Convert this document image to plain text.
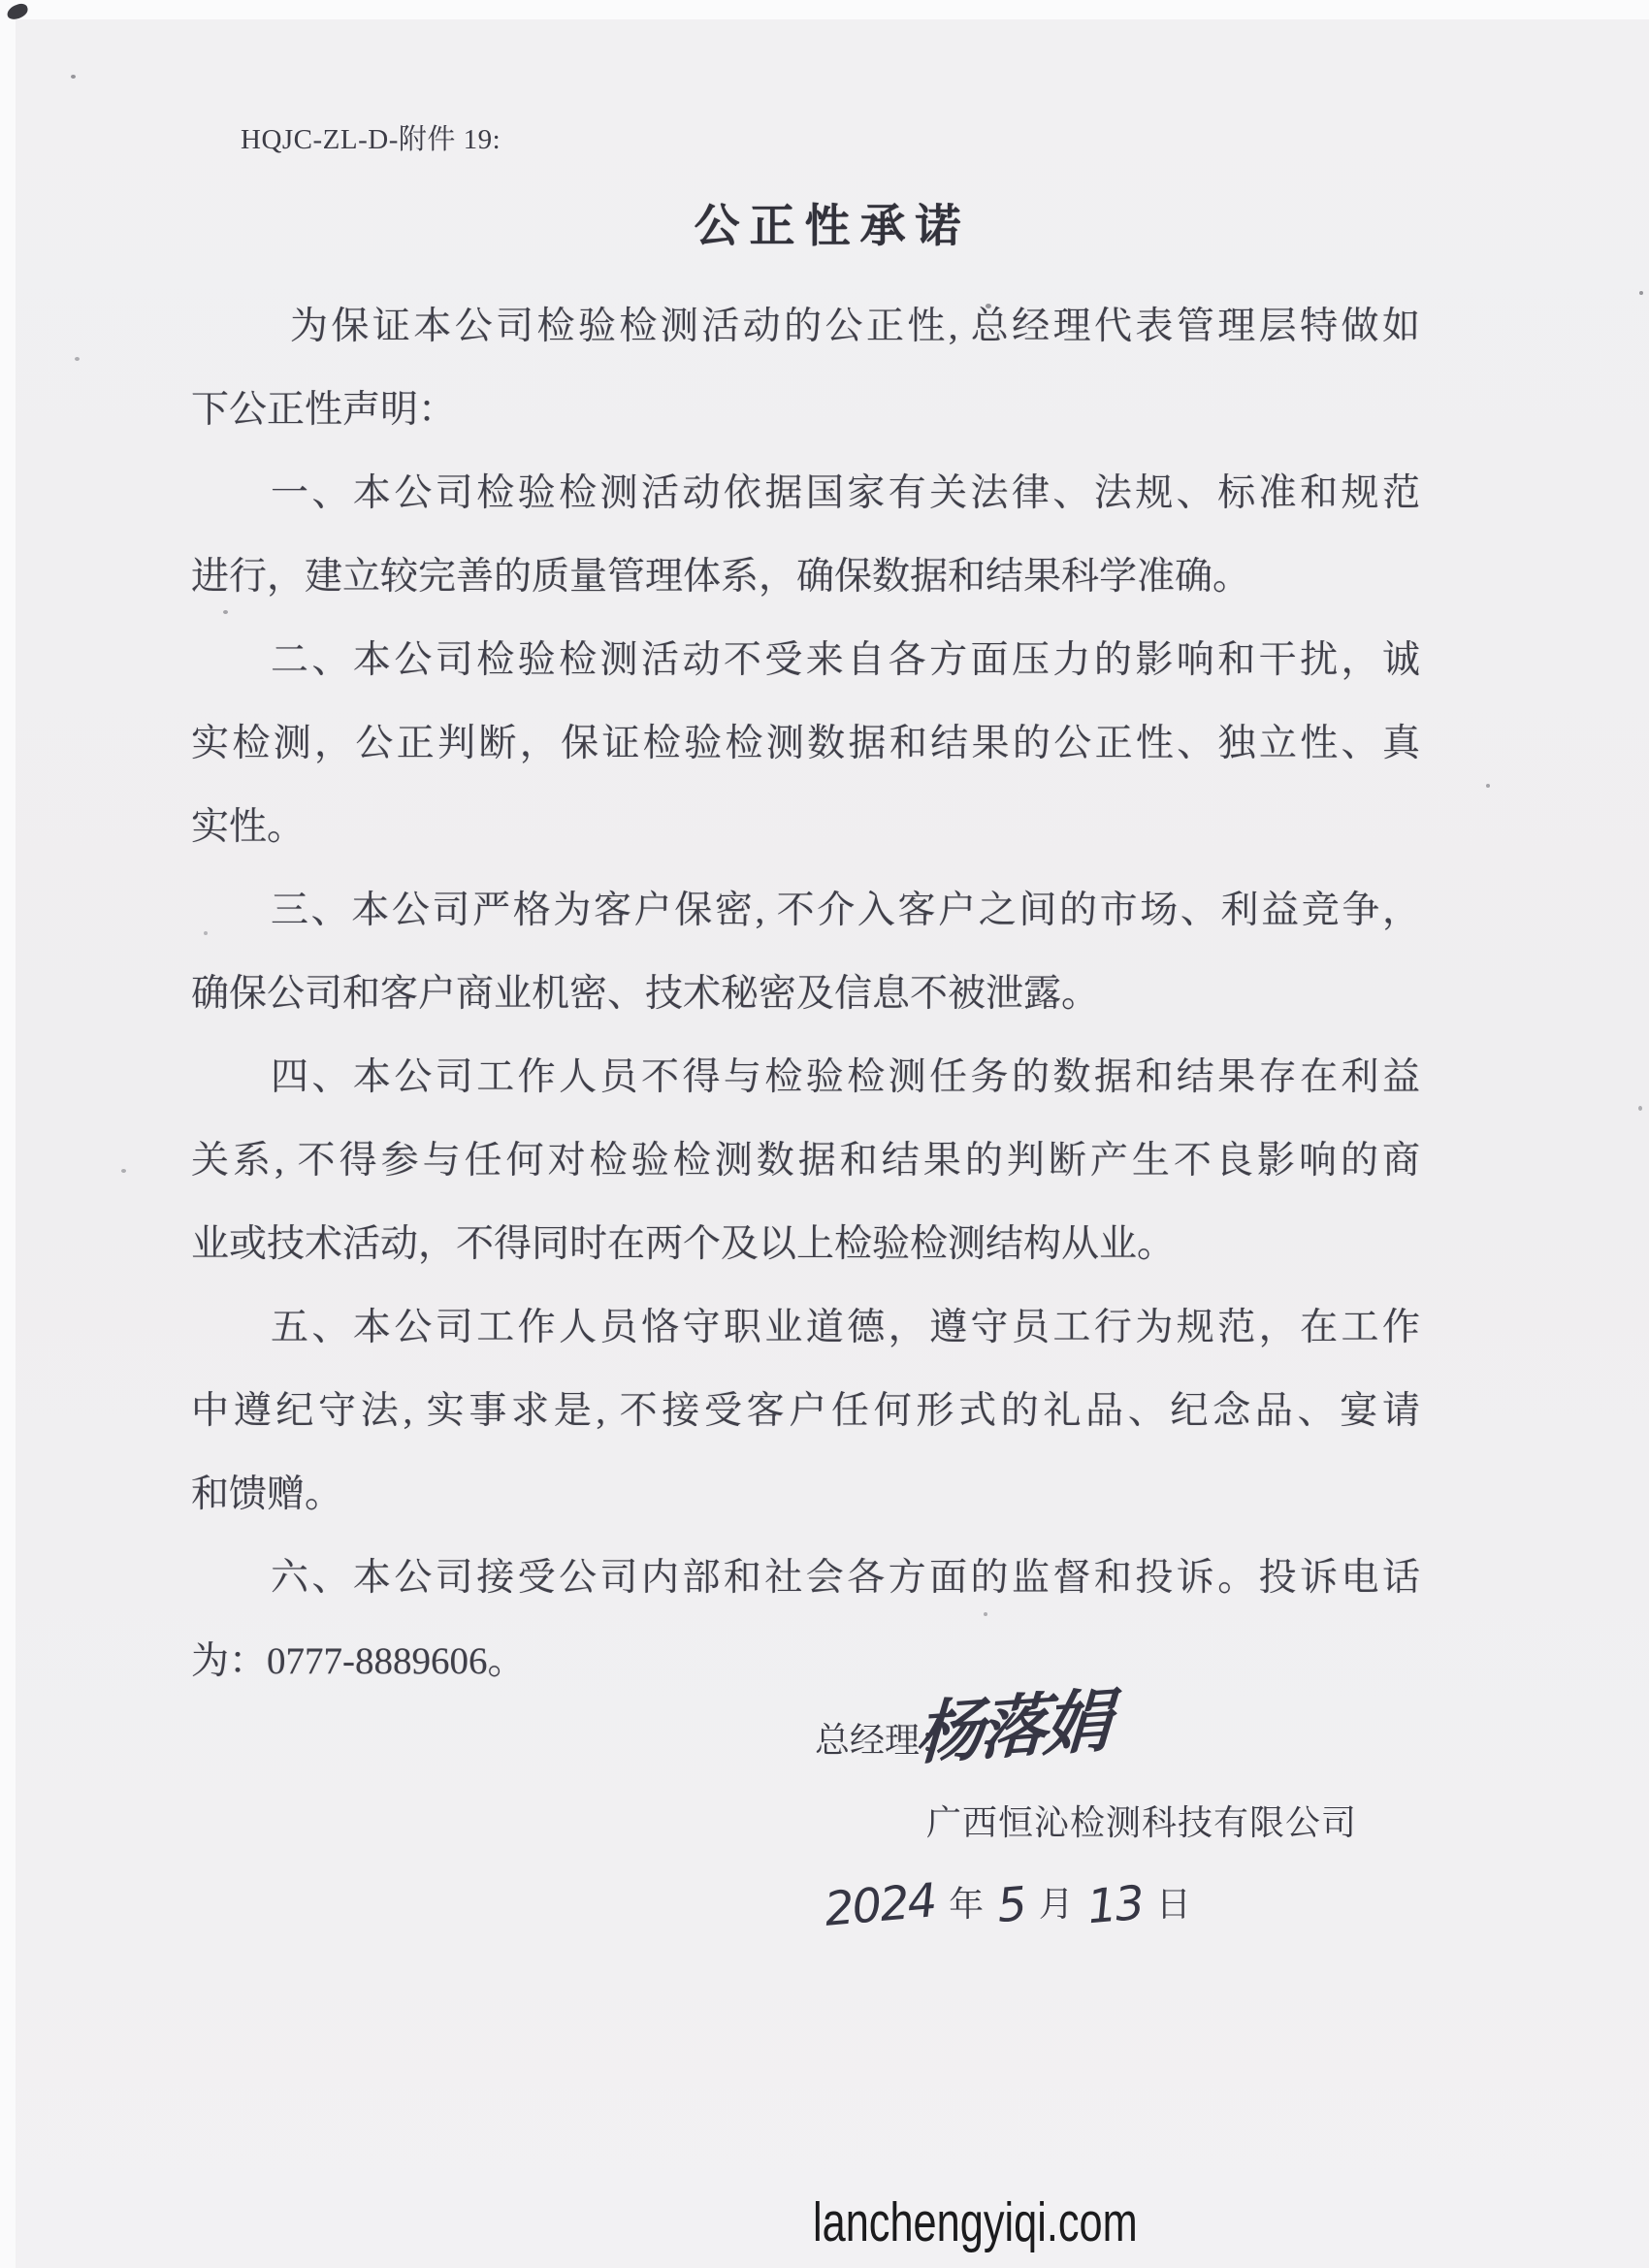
HQJC-ZL-D-附件 19:
公正性承诺
为保证本公司检验检测活动的公正性, 总经理代表管理层特做如
下公正性声明：
一、本公司检验检测活动依据国家有关法律、法规、标准和规范
进行，建立较完善的质量管理体系，确保数据和结果科学准确。
二、本公司检验检测活动不受来自各方面压力的影响和干扰，诚
实检测，公正判断，保证检验检测数据和结果的公正性、独立性、真
实性。
三、本公司严格为客户保密, 不介入客户之间的市场、利益竞争，
确保公司和客户商业机密、技术秘密及信息不被泄露。
四、本公司工作人员不得与检验检测任务的数据和结果存在利益
关系, 不得参与任何对检验检测数据和结果的判断产生不良影响的商
业或技术活动，不得同时在两个及以上检验检测结构从业。
五、本公司工作人员恪守职业道德，遵守员工行为规范，在工作
中遵纪守法, 实事求是, 不接受客户任何形式的礼品、纪念品、宴请
和馈赠。
六、本公司接受公司内部和社会各方面的监督和投诉。投诉电话
为：0777-8889606。
总经理：
杨落娟
广西恒沁检测科技有限公司
2024 年 5 月 13 日
lanchengyiqi.com
